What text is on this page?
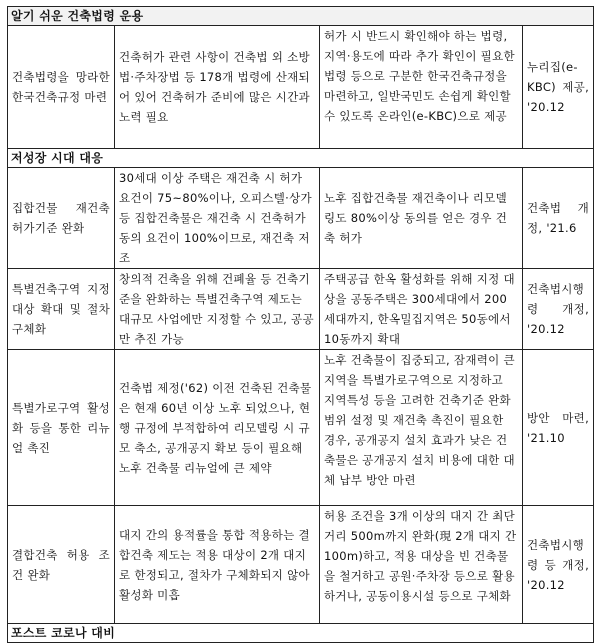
알기 쉬운 건축법령 운용			
건축법령을 망라한 한국건축규정 마련	건축허가 관련 사항이 건축법 외 소방법·주차장법 등 178개 법령에 산재되어 있어 건축허가 준비에 많은 시간과 노력 필요	허가 시 반드시 확인해야 하는 법령, 지역·용도에 따라 추가 확인이 필요한 법령 등으로 구분한 한국건축규정을 마련하고, 일반국민도 손쉽게 확인할 수 있도록 온라인(e-KBC)으로 제공	누리집(e-KBC) 제공, '20.12
저성장 시대 대응			
집합건물 재건축 허가기준 완화	30세대 이상 주택은 재건축 시 허가 요건이 75~80%이나, 오피스텔·상가 등 집합건축물은 재건축 시 건축허가 동의 요건이 100%이므로, 재건축 저조	노후 집합건축물 재건축이나 리모델링도 80%이상 동의를 얻은 경우 건축 허가	건축법 개정, '21.6
특별건축구역 지정 대상 확대 및 절차 구체화	창의적 건축을 위해 건폐율 등 건축기준을 완화하는 특별건축구역 제도는 대규모 사업에만 지정할 수 있고, 공공만 추진 가능	주택공급 한옥 활성화를 위해 지정 대상을 공동주택은 300세대에서 200세대까지, 한옥밀집지역은 50동에서 10동까지 확대	건축법시행령 개정, '20.12
특별가로구역 활성화 등을 통한 리뉴얼 촉진	건축법 제정('62) 이전 건축된 건축물은 현재 60년 이상 노후 되었으나, 현행 규정에 부적합하여 리모델링 시 규모 축소, 공개공지 확보 등이 필요해 노후 건축물 리뉴얼에 큰 제약	노후 건축물이 집중되고, 잠재력이 큰 지역을 특별가로구역으로 지정하고 지역특성 등을 고려한 건축기준 완화범위 설정 및 재건축 촉진이 필요한 경우, 공개공지 설치 효과가 낮은 건축물은 공개공지 설치 비용에 대한 대체 납부 방안 마련	방안 마련, '21.10
결합건축 허용 조건 완화	대지 간의 용적률을 통합 적용하는 결합건축 제도는 적용 대상이 2개 대지로 한정되고, 절차가 구체화되지 않아 활성화 미흡	허용 조건을 3개 이상의 대지 간 최단거리 500m까지 완화(現 2개 대지 간 100m)하고, 적용 대상을 빈 건축물을 철거하고 공원·주차장 등으로 활용하거나, 공동이용시설 등으로 구체화	건축법시행령 등 개정, '20.12
포스트 코로나 대비			
